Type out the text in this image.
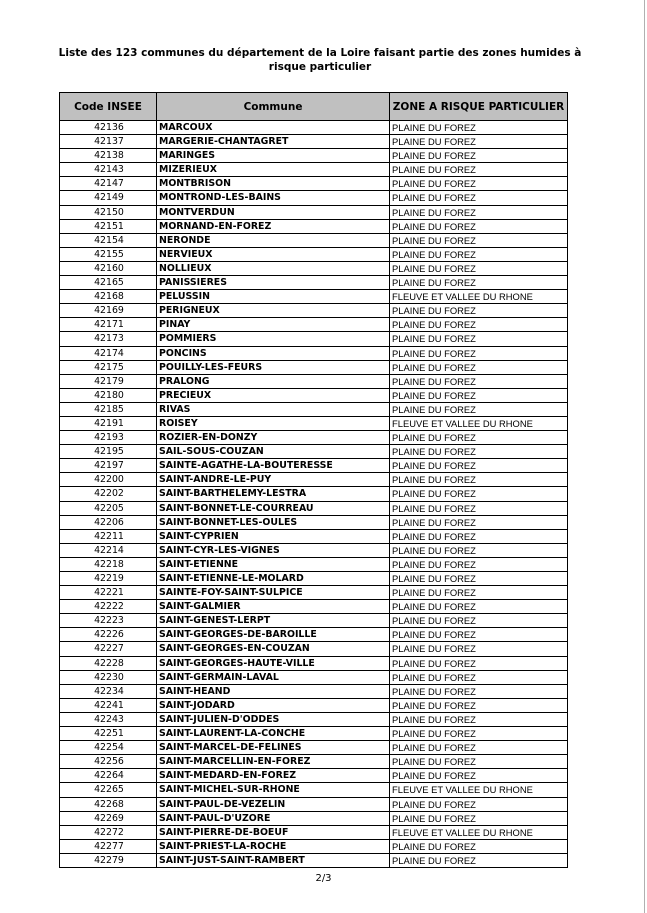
Liste des 123 communes du département de la Loire faisant partie des zones humides à risque particulier
Code INSEE	Commune	ZONE A RISQUE PARTICULIER
42136	MARCOUX	PLAINE DU FOREZ
42137	MARGERIE-CHANTAGRET	PLAINE DU FOREZ
42138	MARINGES	PLAINE DU FOREZ
42143	MIZERIEUX	PLAINE DU FOREZ
42147	MONTBRISON	PLAINE DU FOREZ
42149	MONTROND-LES-BAINS	PLAINE DU FOREZ
42150	MONTVERDUN	PLAINE DU FOREZ
42151	MORNAND-EN-FOREZ	PLAINE DU FOREZ
42154	NERONDE	PLAINE DU FOREZ
42155	NERVIEUX	PLAINE DU FOREZ
42160	NOLLIEUX	PLAINE DU FOREZ
42165	PANISSIERES	PLAINE DU FOREZ
42168	PELUSSIN	FLEUVE ET VALLEE DU RHONE
42169	PERIGNEUX	PLAINE DU FOREZ
42171	PINAY	PLAINE DU FOREZ
42173	POMMIERS	PLAINE DU FOREZ
42174	PONCINS	PLAINE DU FOREZ
42175	POUILLY-LES-FEURS	PLAINE DU FOREZ
42179	PRALONG	PLAINE DU FOREZ
42180	PRECIEUX	PLAINE DU FOREZ
42185	RIVAS	PLAINE DU FOREZ
42191	ROISEY	FLEUVE ET VALLEE DU RHONE
42193	ROZIER-EN-DONZY	PLAINE DU FOREZ
42195	SAIL-SOUS-COUZAN	PLAINE DU FOREZ
42197	SAINTE-AGATHE-LA-BOUTERESSE	PLAINE DU FOREZ
42200	SAINT-ANDRE-LE-PUY	PLAINE DU FOREZ
42202	SAINT-BARTHELEMY-LESTRA	PLAINE DU FOREZ
42205	SAINT-BONNET-LE-COURREAU	PLAINE DU FOREZ
42206	SAINT-BONNET-LES-OULES	PLAINE DU FOREZ
42211	SAINT-CYPRIEN	PLAINE DU FOREZ
42214	SAINT-CYR-LES-VIGNES	PLAINE DU FOREZ
42218	SAINT-ETIENNE	PLAINE DU FOREZ
42219	SAINT-ETIENNE-LE-MOLARD	PLAINE DU FOREZ
42221	SAINTE-FOY-SAINT-SULPICE	PLAINE DU FOREZ
42222	SAINT-GALMIER	PLAINE DU FOREZ
42223	SAINT-GENEST-LERPT	PLAINE DU FOREZ
42226	SAINT-GEORGES-DE-BAROILLE	PLAINE DU FOREZ
42227	SAINT-GEORGES-EN-COUZAN	PLAINE DU FOREZ
42228	SAINT-GEORGES-HAUTE-VILLE	PLAINE DU FOREZ
42230	SAINT-GERMAIN-LAVAL	PLAINE DU FOREZ
42234	SAINT-HEAND	PLAINE DU FOREZ
42241	SAINT-JODARD	PLAINE DU FOREZ
42243	SAINT-JULIEN-D'ODDES	PLAINE DU FOREZ
42251	SAINT-LAURENT-LA-CONCHE	PLAINE DU FOREZ
42254	SAINT-MARCEL-DE-FELINES	PLAINE DU FOREZ
42256	SAINT-MARCELLIN-EN-FOREZ	PLAINE DU FOREZ
42264	SAINT-MEDARD-EN-FOREZ	PLAINE DU FOREZ
42265	SAINT-MICHEL-SUR-RHONE	FLEUVE ET VALLEE DU RHONE
42268	SAINT-PAUL-DE-VEZELIN	PLAINE DU FOREZ
42269	SAINT-PAUL-D'UZORE	PLAINE DU FOREZ
42272	SAINT-PIERRE-DE-BOEUF	FLEUVE ET VALLEE DU RHONE
42277	SAINT-PRIEST-LA-ROCHE	PLAINE DU FOREZ
42279	SAINT-JUST-SAINT-RAMBERT	PLAINE DU FOREZ
2/3
